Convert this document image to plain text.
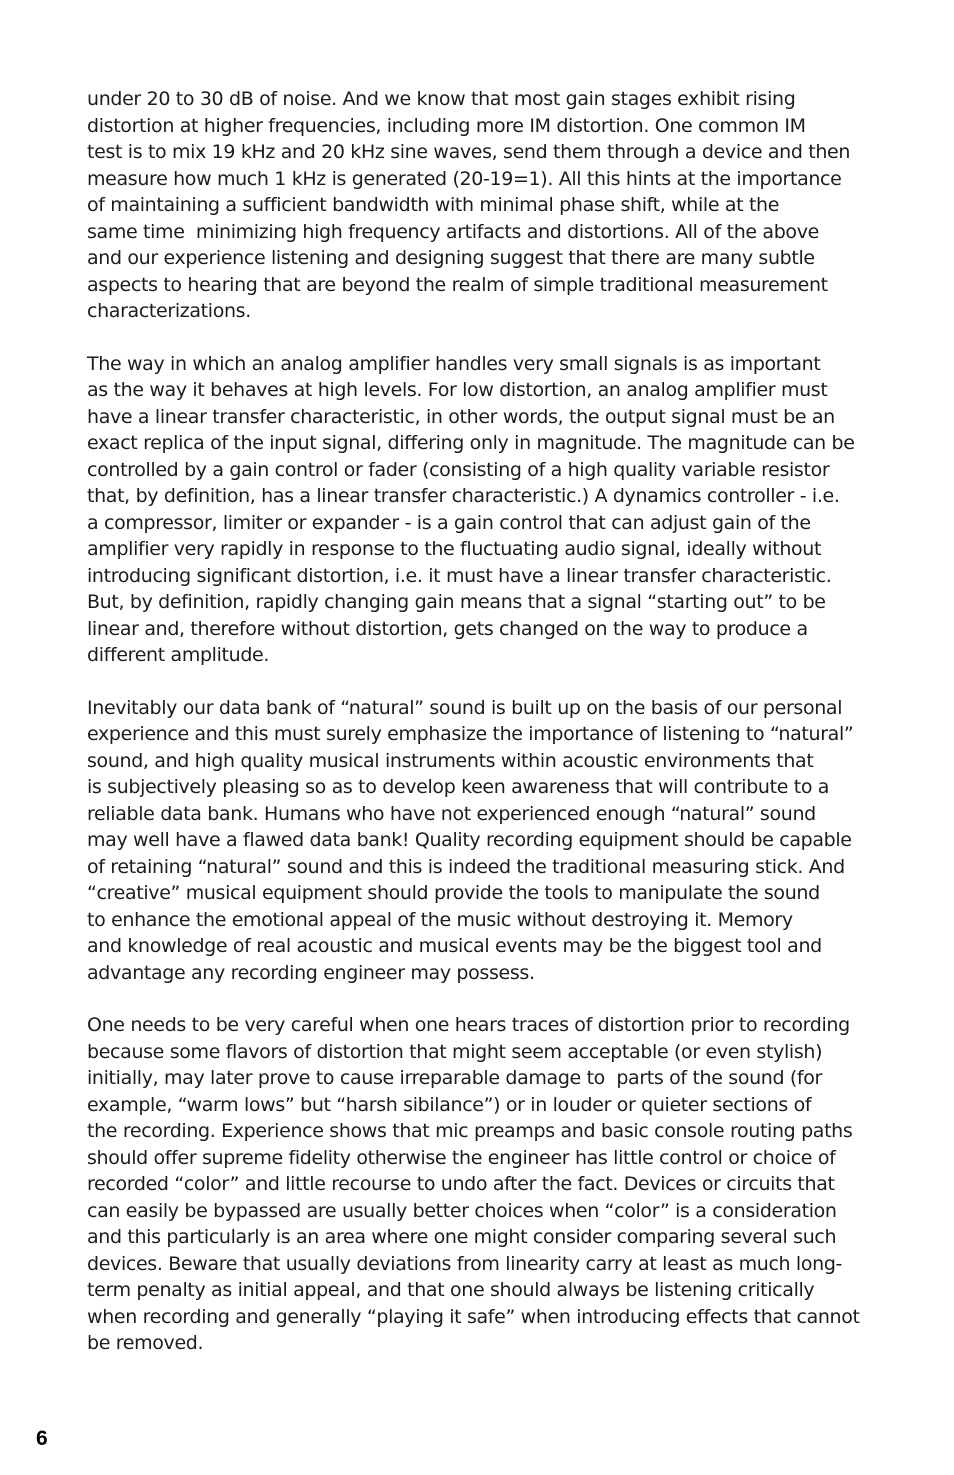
under 20 to 30 dB of noise. And we know that most gain stages exhibit rising
distortion at higher frequencies, including more IM distortion. One common IM
test is to mix 19 kHz and 20 kHz sine waves, send them through a device and then
measure how much 1 kHz is generated (20-19=1). All this hints at the importance
of maintaining a sufficient bandwidth with minimal phase shift, while at the
same time  minimizing high frequency artifacts and distortions. All of the above
and our experience listening and designing suggest that there are many subtle
aspects to hearing that are beyond the realm of simple traditional measurement
characterizations.
The way in which an analog amplifier handles very small signals is as important
as the way it behaves at high levels. For low distortion, an analog amplifier must
have a linear transfer characteristic, in other words, the output signal must be an
exact replica of the input signal, differing only in magnitude. The magnitude can be
controlled by a gain control or fader (consisting of a high quality variable resistor
that, by definition, has a linear transfer characteristic.) A dynamics controller - i.e.
a compressor, limiter or expander - is a gain control that can adjust gain of the
amplifier very rapidly in response to the fluctuating audio signal, ideally without
introducing significant distortion, i.e. it must have a linear transfer characteristic.
But, by definition, rapidly changing gain means that a signal “starting out” to be
linear and, therefore without distortion, gets changed on the way to produce a
different amplitude.
Inevitably our data bank of “natural” sound is built up on the basis of our personal
experience and this must surely emphasize the importance of listening to “natural”
sound, and high quality musical instruments within acoustic environments that
is subjectively pleasing so as to develop keen awareness that will contribute to a
reliable data bank. Humans who have not experienced enough “natural” sound
may well have a flawed data bank! Quality recording equipment should be capable
of retaining “natural” sound and this is indeed the traditional measuring stick. And
“creative” musical equipment should provide the tools to manipulate the sound
to enhance the emotional appeal of the music without destroying it. Memory
and knowledge of real acoustic and musical events may be the biggest tool and
advantage any recording engineer may possess.
One needs to be very careful when one hears traces of distortion prior to recording
because some flavors of distortion that might seem acceptable (or even stylish)
initially, may later prove to cause irreparable damage to  parts of the sound (for
example, “warm lows” but “harsh sibilance”) or in louder or quieter sections of
the recording. Experience shows that mic preamps and basic console routing paths
should offer supreme fidelity otherwise the engineer has little control or choice of
recorded “color” and little recourse to undo after the fact. Devices or circuits that
can easily be bypassed are usually better choices when “color” is a consideration
and this particularly is an area where one might consider comparing several such
devices. Beware that usually deviations from linearity carry at least as much long-
term penalty as initial appeal, and that one should always be listening critically
when recording and generally “playing it safe” when introducing effects that cannot
be removed.
6
